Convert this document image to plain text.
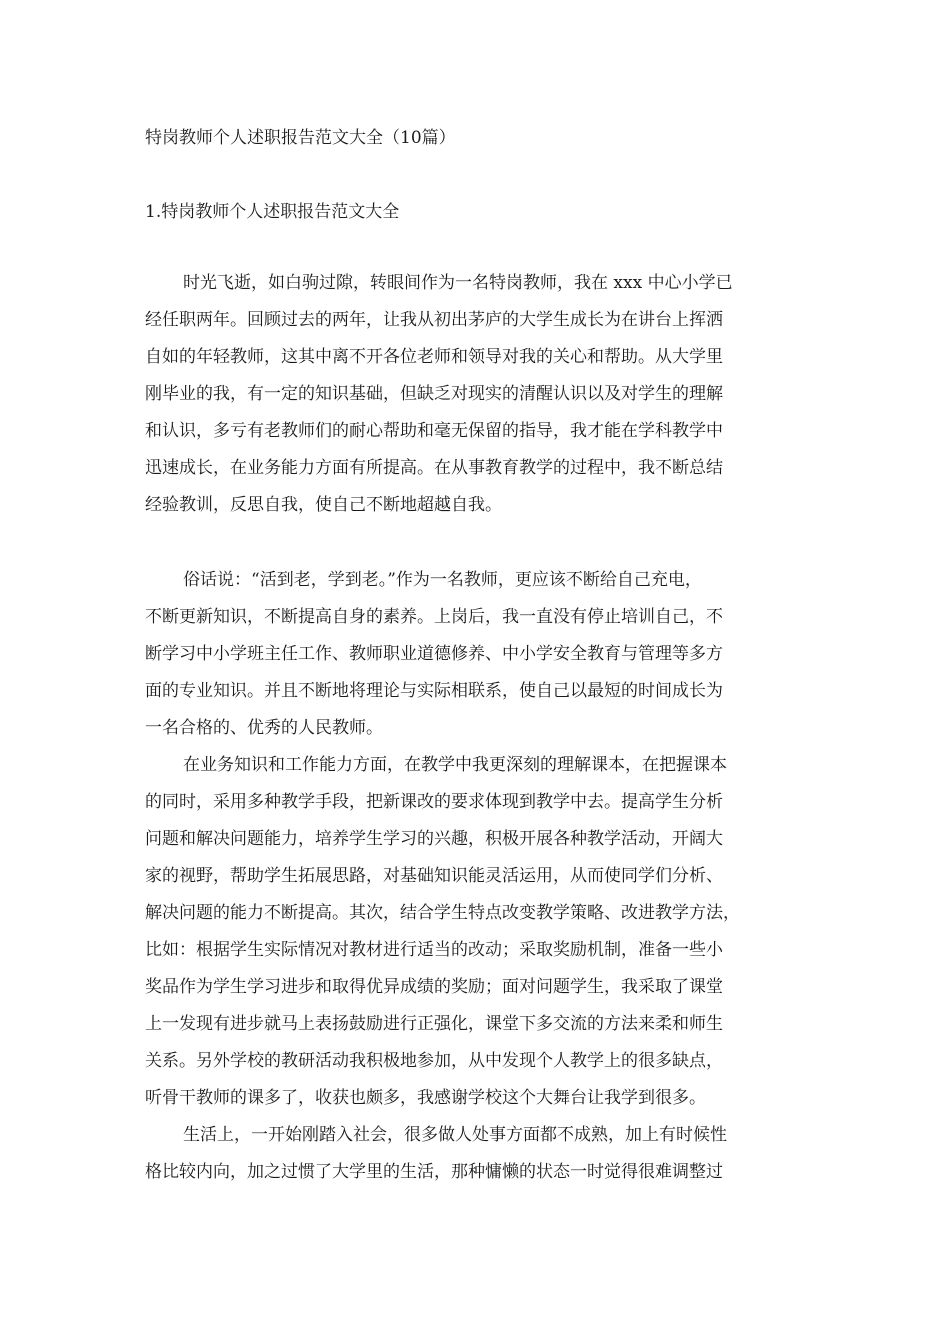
特岗教师个人述职报告范文大全（10篇）
1.特岗教师个人述职报告范文大全
时光飞逝，如白驹过隙，转眼间作为一名特岗教师，我在 xxx 中心小学已
经任职两年。回顾过去的两年，让我从初出茅庐的大学生成长为在讲台上挥洒
自如的年轻教师，这其中离不开各位老师和领导对我的关心和帮助。从大学里
刚毕业的我，有一定的知识基础，但缺乏对现实的清醒认识以及对学生的理解
和认识，多亏有老教师们的耐心帮助和毫无保留的指导，我才能在学科教学中
迅速成长，在业务能力方面有所提高。在从事教育教学的过程中，我不断总结
经验教训，反思自我，使自己不断地超越自我。
俗话说：“活到老，学到老。”作为一名教师，更应该不断给自己充电，
不断更新知识，不断提高自身的素养。上岗后，我一直没有停止培训自己，不
断学习中小学班主任工作、教师职业道德修养、中小学安全教育与管理等多方
面的专业知识。并且不断地将理论与实际相联系，使自己以最短的时间成长为
一名合格的、优秀的人民教师。
在业务知识和工作能力方面，在教学中我更深刻的理解课本，在把握课本
的同时，采用多种教学手段，把新课改的要求体现到教学中去。提高学生分析
问题和解决问题能力，培养学生学习的兴趣，积极开展各种教学活动，开阔大
家的视野，帮助学生拓展思路，对基础知识能灵活运用，从而使同学们分析、
解决问题的能力不断提高。其次，结合学生特点改变教学策略、改进教学方法，
比如：根据学生实际情况对教材进行适当的改动；采取奖励机制，准备一些小
奖品作为学生学习进步和取得优异成绩的奖励；面对问题学生，我采取了课堂
上一发现有进步就马上表扬鼓励进行正强化，课堂下多交流的方法来柔和师生
关系。另外学校的教研活动我积极地参加，从中发现个人教学上的很多缺点，
听骨干教师的课多了，收获也颇多，我感谢学校这个大舞台让我学到很多。
生活上，一开始刚踏入社会，很多做人处事方面都不成熟，加上有时候性
格比较内向，加之过惯了大学里的生活，那种慵懒的状态一时觉得很难调整过
